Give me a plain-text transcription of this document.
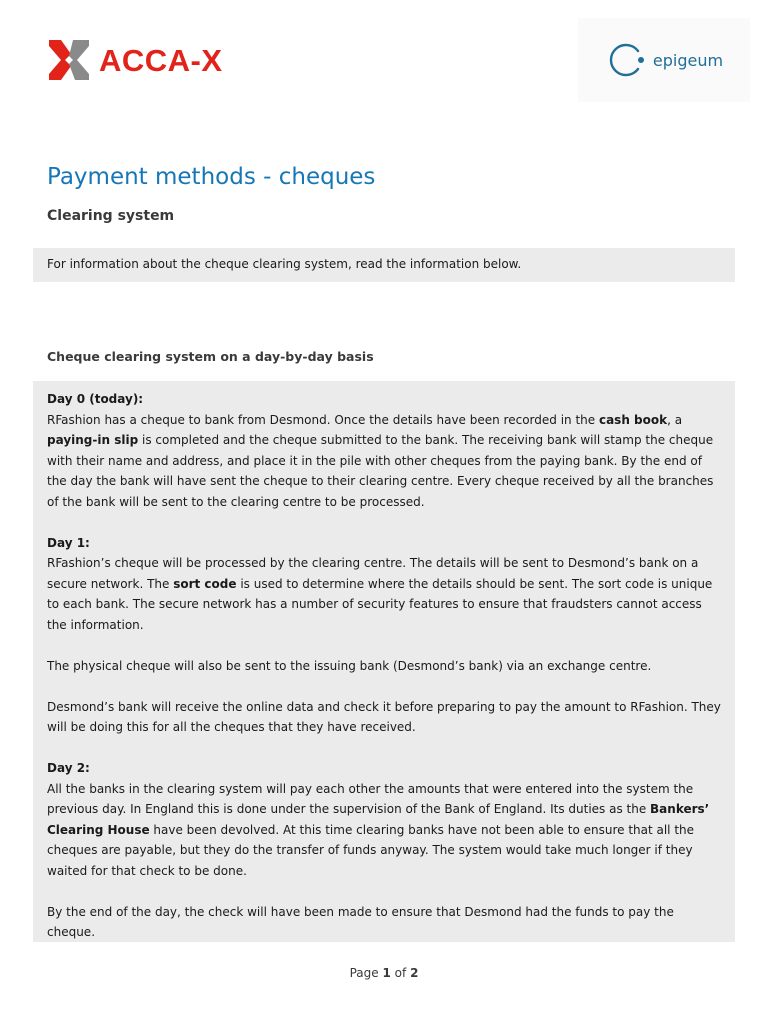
ACCA-X	epigeum
Payment methods - cheques
Clearing system
For information about the cheque clearing system, read the information below.
Cheque clearing system on a day-by-day basis

Day 0 (today):
RFashion has a cheque to bank from Desmond. Once the details have been recorded in the cash book, a paying-in slip is completed and the cheque submitted to the bank. The receiving bank will stamp the cheque with their name and address, and place it in the pile with other cheques from the paying bank. By the end of the day the bank will have sent the cheque to their clearing centre. Every cheque received by all the branches of the bank will be sent to the clearing centre to be processed.

Day 1:
RFashion’s cheque will be processed by the clearing centre. The details will be sent to Desmond’s bank on a secure network. The sort code is used to determine where the details should be sent. The sort code is unique to each bank. The secure network has a number of security features to ensure that fraudsters cannot access the information.

The physical cheque will also be sent to the issuing bank (Desmond’s bank) via an exchange centre.

Desmond’s bank will receive the online data and check it before preparing to pay the amount to RFashion. They will be doing this for all the cheques that they have received.

Day 2:
All the banks in the clearing system will pay each other the amounts that were entered into the system the previous day. In England this is done under the supervision of the Bank of England. Its duties as the Bankers’ Clearing House have been devolved. At this time clearing banks have not been able to ensure that all the cheques are payable, but they do the transfer of funds anyway. The system would take much longer if they waited for that check to be done.

By the end of the day, the check will have been made to ensure that Desmond had the funds to pay the cheque.

Page 1 of 2
